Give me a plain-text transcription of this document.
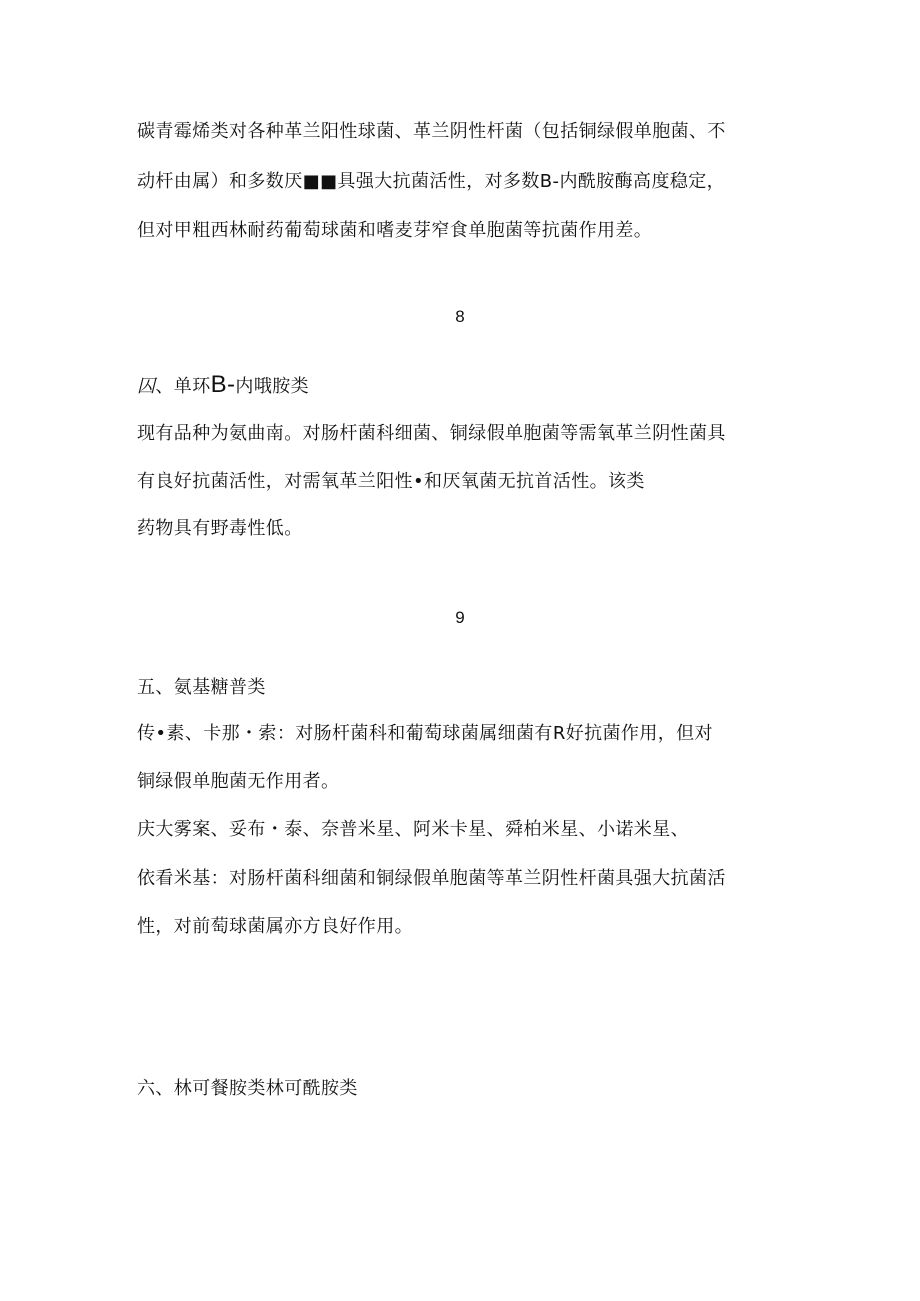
碳青霉烯类对各种革兰阳性球菌、革兰阴性杆菌（包括铜绿假单胞菌、不
动杆由属）和多数厌■■具强大抗菌活性，对多数B-内酰胺酶高度稳定，
但对甲粗西林耐药葡萄球菌和嗜麦芽窄食单胞菌等抗菌作用差。
8
囚、单环B-内哦胺类
现有品种为氨曲南。对肠杆菌科细菌、铜绿假单胞菌等需氧革兰阴性菌具
有良好抗菌活性，对需氧革兰阳性•和厌氧菌无抗首活性。该类
药物具有野毒性低。
9
五、氨基糖普类
传•素、卡那・索：对肠杆菌科和葡萄球菌属细菌有R好抗菌作用，但对
铜绿假单胞菌无作用者。
庆大雾案、妥布・泰、奈普米星、阿米卡星、舜柏米星、小诺米星、
依看米基：对肠杆菌科细菌和铜绿假单胞菌等革兰阴性杆菌具强大抗菌活
性，对前萄球菌属亦方良好作用。
六、林可餐胺类林可酰胺类
